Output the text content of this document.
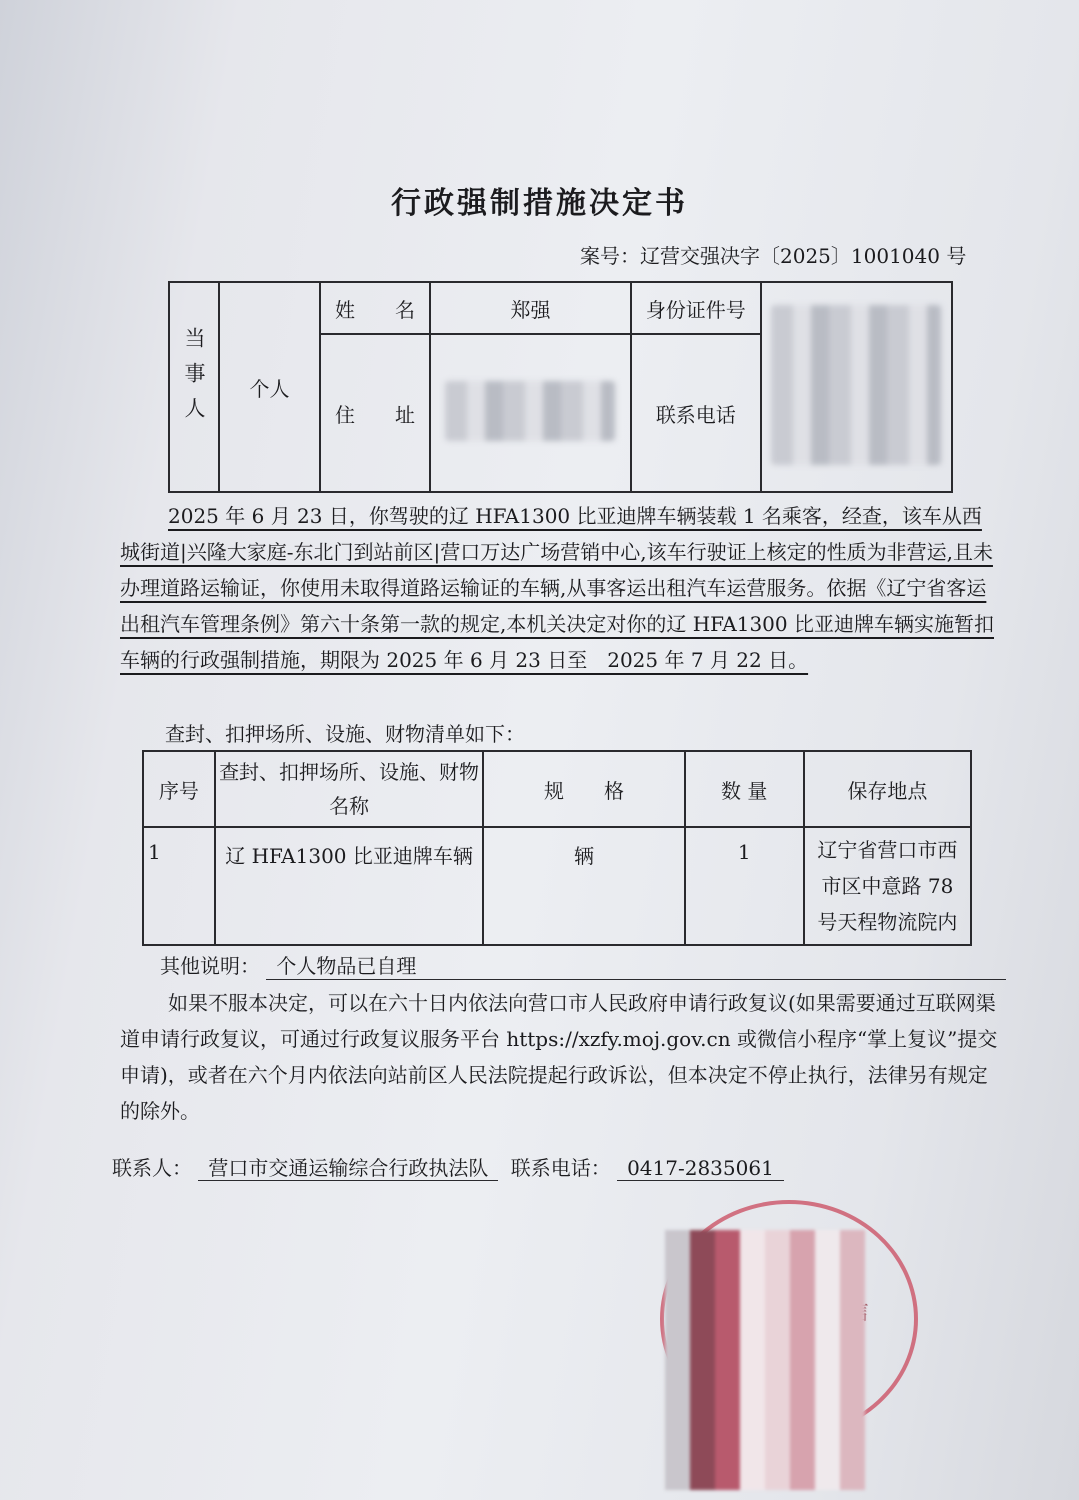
行政强制措施决定书
案号：辽营交强决字〔2025〕1001040 号
当事人	个人	姓　　名	郑强	身份证件号	
		住　　址		联系电话	
2025 年 6 月 23 日，你驾驶的辽 HFA1300 比亚迪牌车辆装载 1 名乘客，经查，该车从西城街道|兴隆大家庭-东北门到站前区|营口万达广场营销中心,该车行驶证上核定的性质为非营运,且未办理道路运输证，你使用未取得道路运输证的车辆,从事客运出租汽车运营服务。依据《辽宁省客运出租汽车管理条例》第六十条第一款的规定,本机关决定对你的辽 HFA1300 比亚迪牌车辆实施暂扣车辆的行政强制措施，期限为 2025 年 6 月 23 日至　2025 年 7 月 22 日。
查封、扣押场所、设施、财物清单如下：
序号	查封、扣押场所、设施、财物名称	规　　格	数 量	保存地点
1	辽 HFA1300 比亚迪牌车辆	辆	1	辽宁省营口市西市区中意路 78 号天程物流院内
其他说明： 个人物品已自理
如果不服本决定，可以在六十日内依法向营口市人民政府申请行政复议(如果需要通过互联网渠道申请行政复议，可通过行政复议服务平台 https://xzfy.moj.gov.cn 或微信小程序“掌上复议”提交申请)，或者在六个月内依法向站前区人民法院提起行政诉讼，但本决定不停止执行，法律另有规定的除外。
联系人： 营口市交通运输综合行政执法队 联系电话： 0417-2835061
